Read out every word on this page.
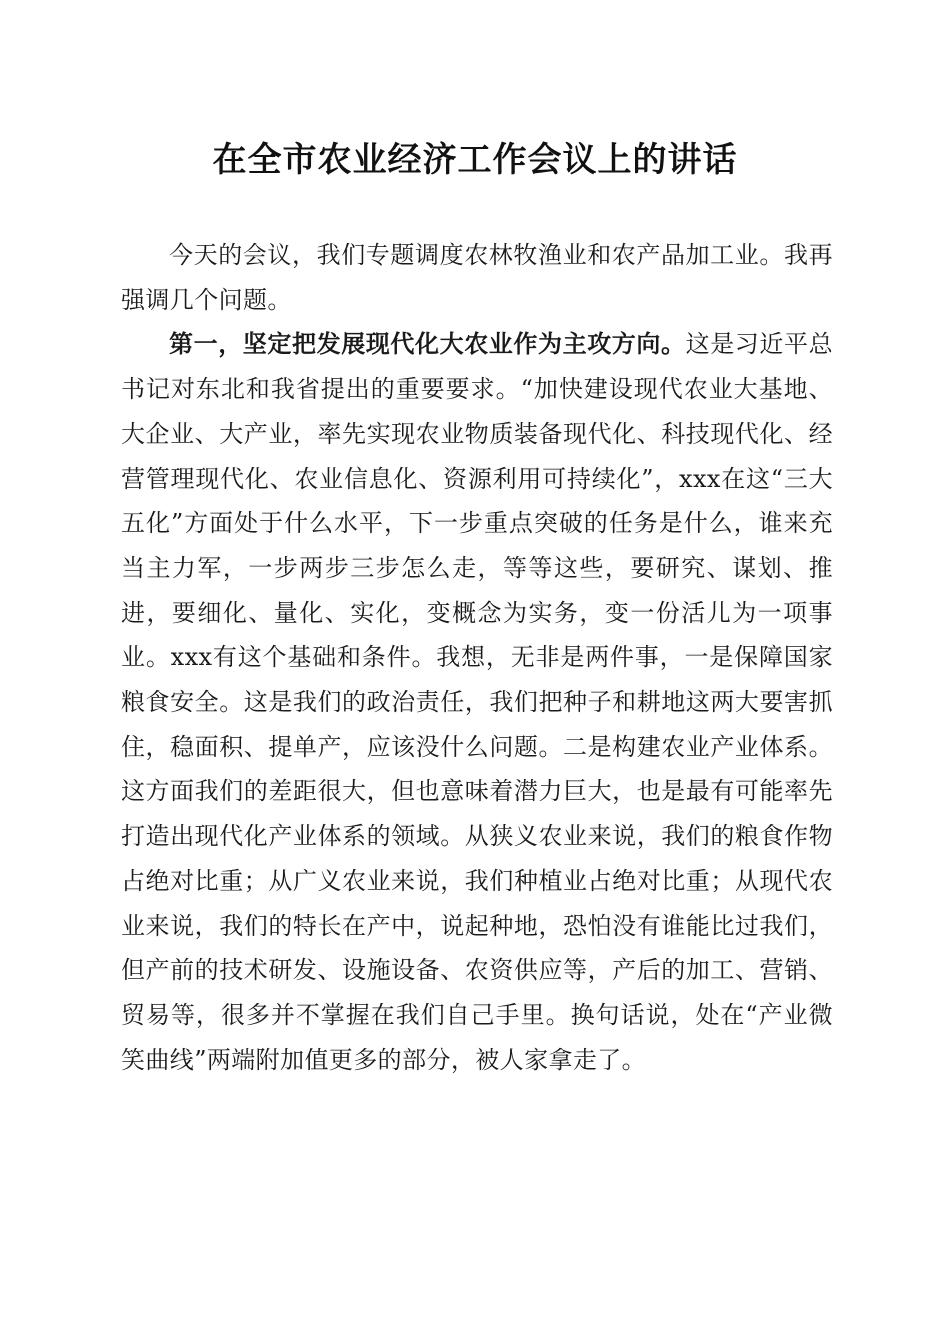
在全市农业经济工作会议上的讲话

今天的会议，我们专题调度农林牧渔业和农产品加工业。我再强调几个问题。

第一，坚定把发展现代化大农业作为主攻方向。这是习近平总书记对东北和我省提出的重要要求。“加快建设现代农业大基地、大企业、大产业，率先实现农业物质装备现代化、科技现代化、经营管理现代化、农业信息化、资源利用可持续化”，xxx在这“三大五化”方面处于什么水平，下一步重点突破的任务是什么，谁来充当主力军，一步两步三步怎么走，等等这些，要研究、谋划、推进，要细化、量化、实化，变概念为实务，变一份活儿为一项事业。xxx有这个基础和条件。我想，无非是两件事，一是保障国家粮食安全。这是我们的政治责任，我们把种子和耕地这两大要害抓住，稳面积、提单产，应该没什么问题。二是构建农业产业体系。这方面我们的差距很大，但也意味着潜力巨大，也是最有可能率先打造出现代化产业体系的领域。从狭义农业来说，我们的粮食作物占绝对比重；从广义农业来说，我们种植业占绝对比重；从现代农业来说，我们的特长在产中，说起种地，恐怕没有谁能比过我们，但产前的技术研发、设施设备、农资供应等，产后的加工、营销、贸易等，很多并不掌握在我们自己手里。换句话说，处在“产业微笑曲线”两端附加值更多的部分，被人家拿走了。
